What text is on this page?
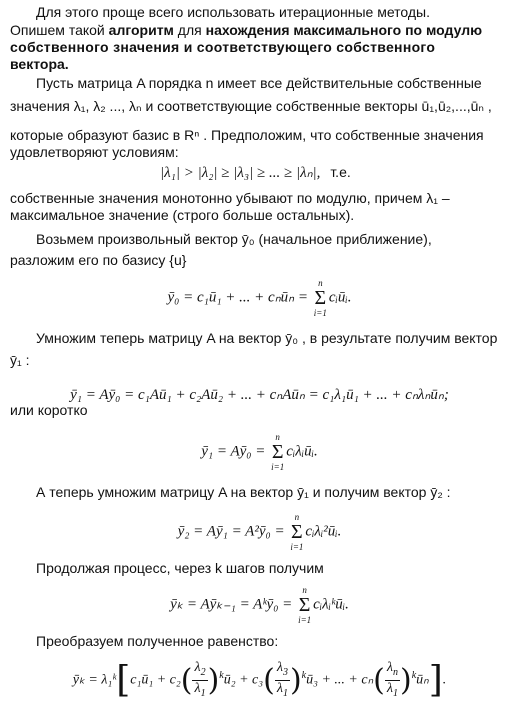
Для этого проще всего использовать итерационные методы.
Опишем такой алгоритм для нахождения максимального по модулю
собственного значения и соответствующего собственного
вектора.
Пусть матрица A порядка n имеет все действительные собственные
значения λ₁, λ₂ ..., λₙ и соответствующие собственные векторы ū₁,ū₂,...,ūₙ ,
которые образуют базис в Rⁿ . Предположим, что собственные значения
удовлетворяют условиям:
|λ₁| > |λ₂| ≥ |λ₃| ≥ ... ≥ |λₙ|, т.е.
собственные значения монотонно убывают по модулю, причем λ₁ –
максимальное значение (строго больше остальных).
Возьмем произвольный вектор ȳ₀ (начальное приближение),
разложим его по базису {u}
ȳ₀ = c₁ū₁ + ... + cₙūₙ =
n
Σ
i=1
cᵢūᵢ.
Умножим теперь матрицу A на вектор ȳ₀ , в результате получим вектор
ȳ₁ :
ȳ₁ = Aȳ₀ = c₁Aū₁ + c₂Aū₂ + ... + cₙAūₙ = c₁λ₁ū₁ + ... + cₙλₙūₙ;
или коротко
ȳ₁ = Aȳ₀ =
n
Σ
i=1
cᵢλᵢūᵢ.
А теперь умножим матрицу A на вектор ȳ₁ и получим вектор ȳ₂ :
ȳ₂ = Aȳ₁ = A²ȳ₀ =
n
Σ
i=1
cᵢλᵢ²ūᵢ.
Продолжая процесс, через k шагов получим
ȳₖ = Aȳₖ₋₁ = Aᵏȳ₀ =
n
Σ
i=1
cᵢλᵢᵏūᵢ.
Преобразуем полученное равенство:
ȳₖ = λ₁ᵏ[c₁ū₁ + $c_2( \frac{\lambda_2}{\lambda_1}$ )$^kū_2 + c_3( \frac{\lambda_3}{\lambda_1}$ )$^kū_3$ + ... + $c_n( \frac{\lambda_n}{\lambda_1}$ )$^kū_n$].
